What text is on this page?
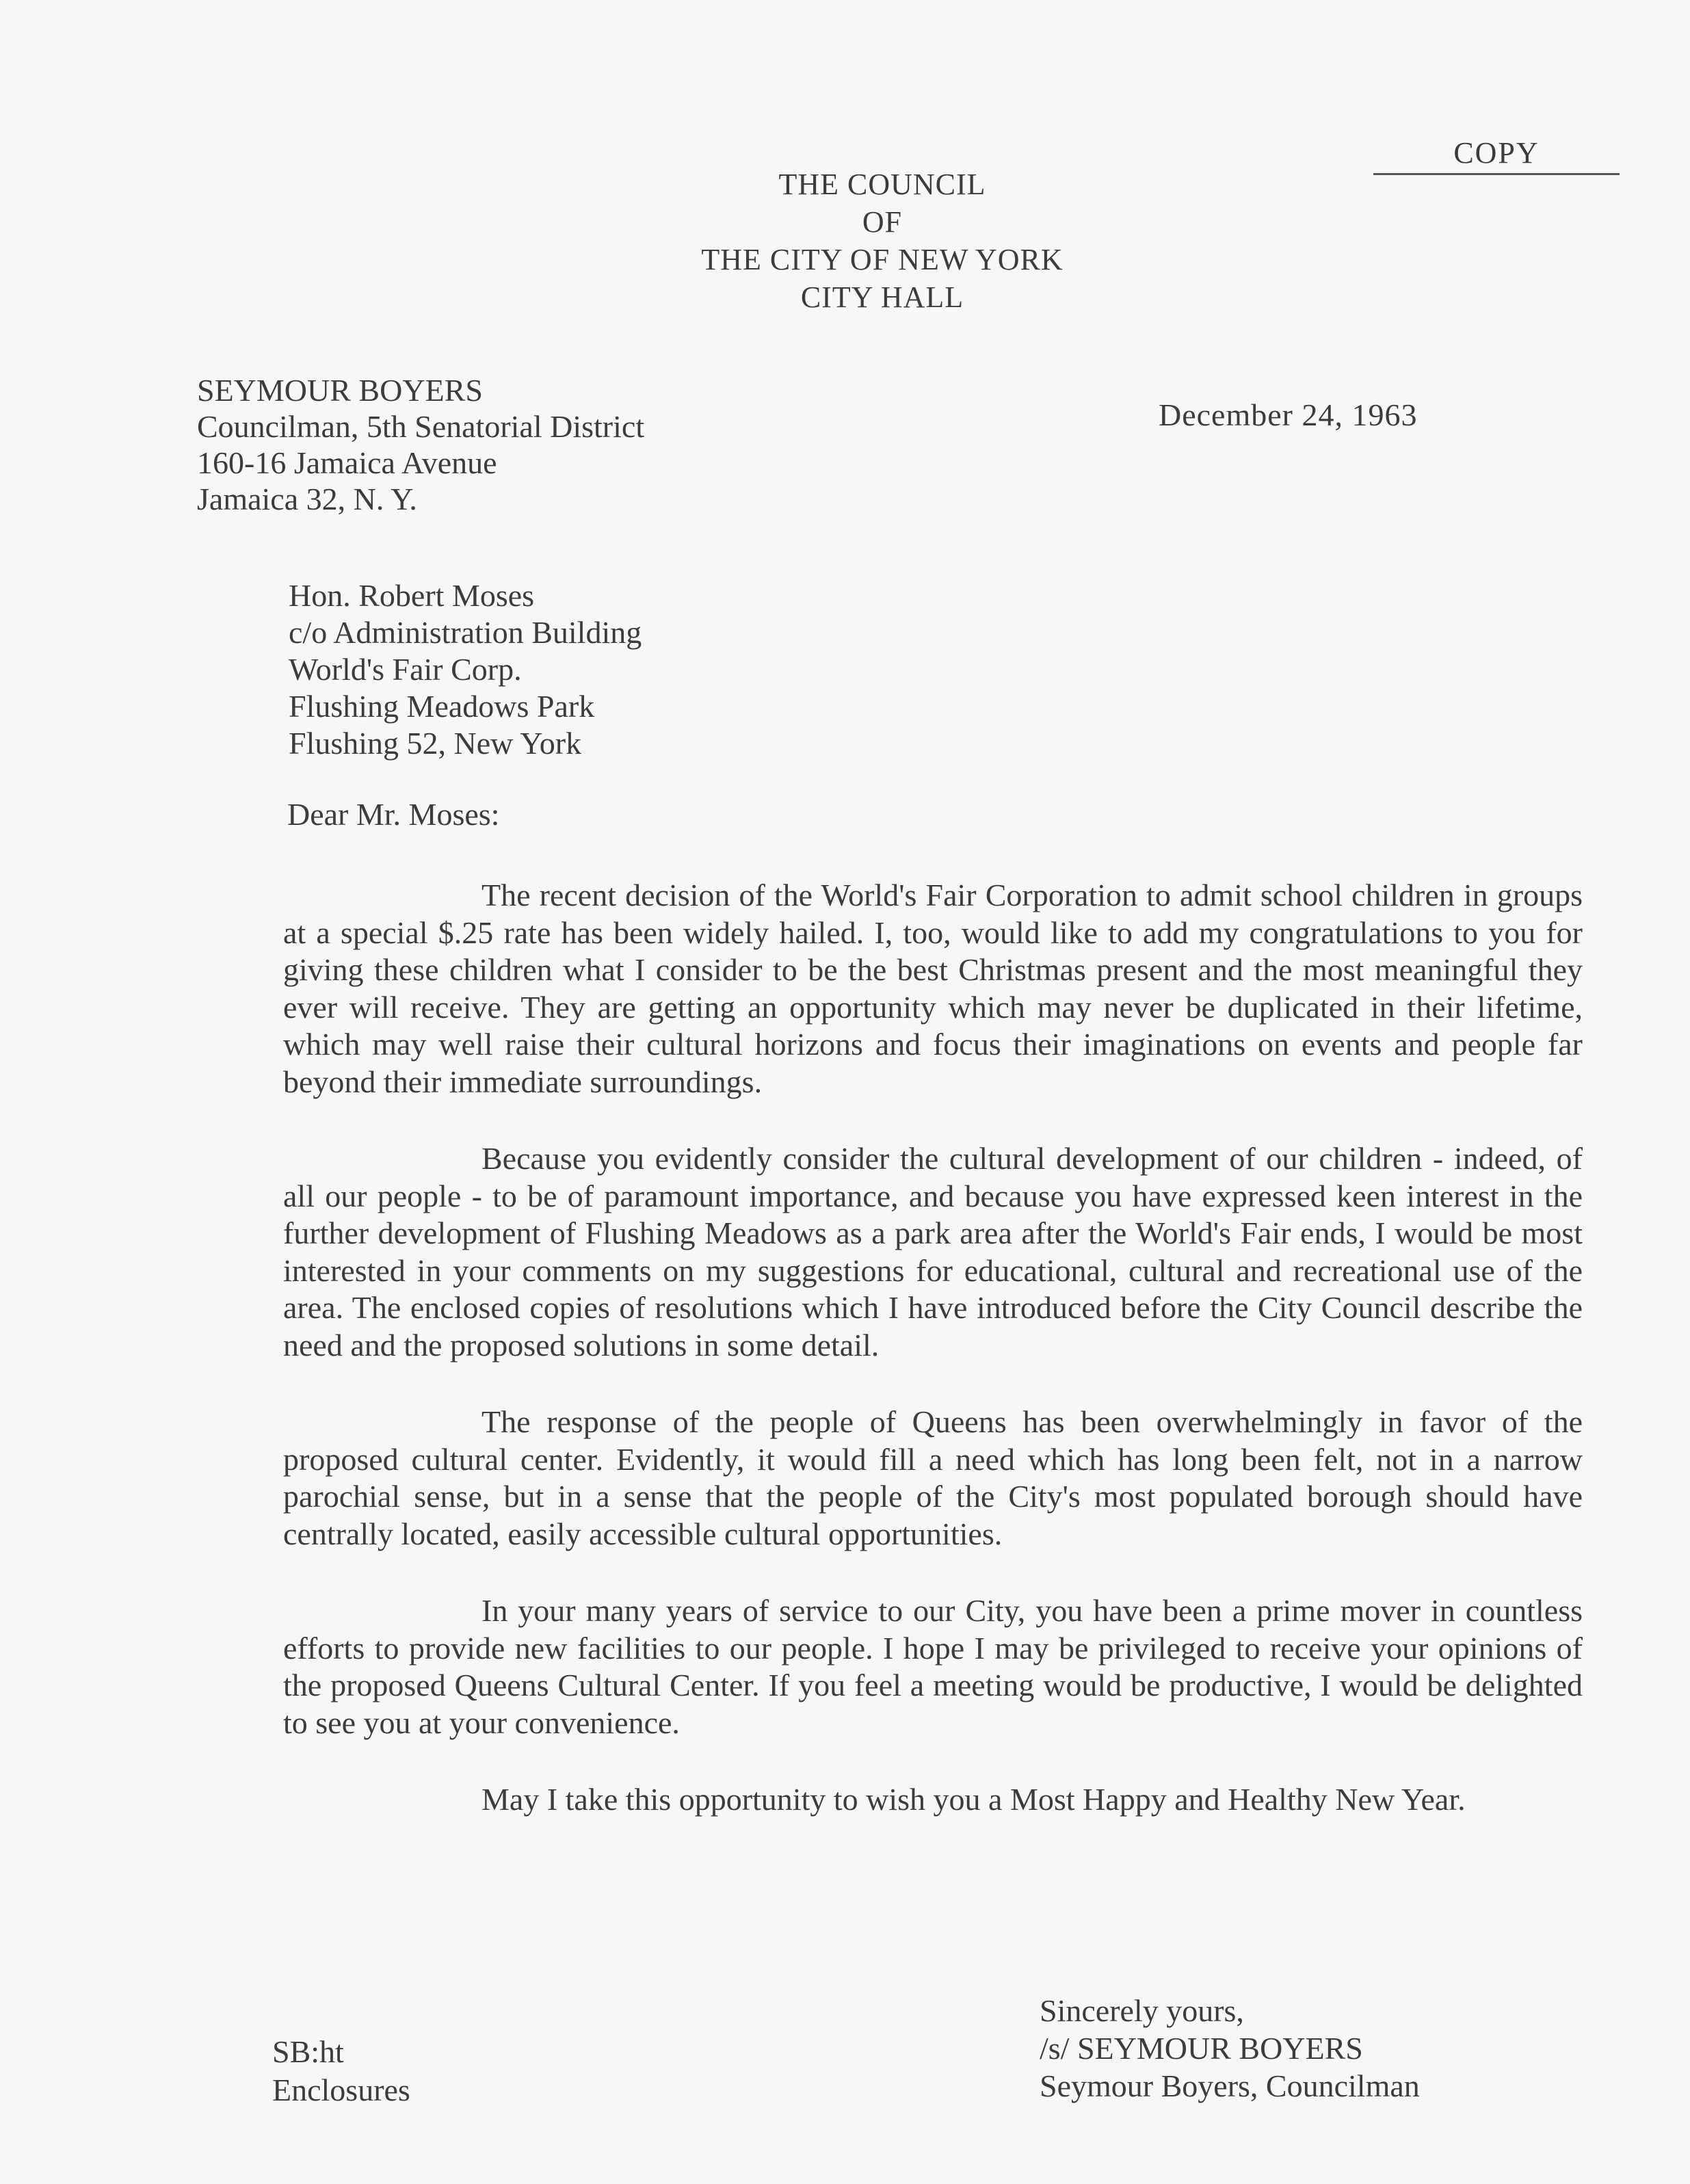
COPY
THE COUNCIL
OF
THE CITY OF NEW YORK
CITY HALL
SEYMOUR BOYERS
Councilman, 5th Senatorial District
160-16 Jamaica Avenue
Jamaica 32, N. Y.
December 24, 1963
Hon. Robert Moses
c/o Administration Building
World's Fair Corp.
Flushing Meadows Park
Flushing 52, New York
Dear Mr. Moses:

The recent decision of the World's Fair Corporation to admit school children in groups at a special $.25 rate has been widely hailed. I, too, would like to add my congratulations to you for giving these children what I consider to be the best Christmas present and the most meaningful they ever will receive. They are getting an opportunity which may never be duplicated in their lifetime, which may well raise their cultural horizons and focus their imaginations on events and people far beyond their immediate surroundings.

Because you evidently consider the cultural development of our children - indeed, of all our people - to be of paramount importance, and because you have expressed keen interest in the further development of Flushing Meadows as a park area after the World's Fair ends, I would be most interested in your comments on my suggestions for educational, cultural and recreational use of the area. The enclosed copies of resolutions which I have introduced before the City Council describe the need and the proposed solutions in some detail.

The response of the people of Queens has been overwhelmingly in favor of the proposed cultural center. Evidently, it would fill a need which has long been felt, not in a narrow parochial sense, but in a sense that the people of the City's most populated borough should have centrally located, easily accessible cultural opportunities.

In your many years of service to our City, you have been a prime mover in countless efforts to provide new facilities to our people. I hope I may be privileged to receive your opinions of the proposed Queens Cultural Center. If you feel a meeting would be productive, I would be delighted to see you at your convenience.

May I take this opportunity to wish you a Most Happy and Healthy New Year.

Sincerely yours,
/s/ SEYMOUR BOYERS
Seymour Boyers, Councilman
SB:ht
Enclosures
